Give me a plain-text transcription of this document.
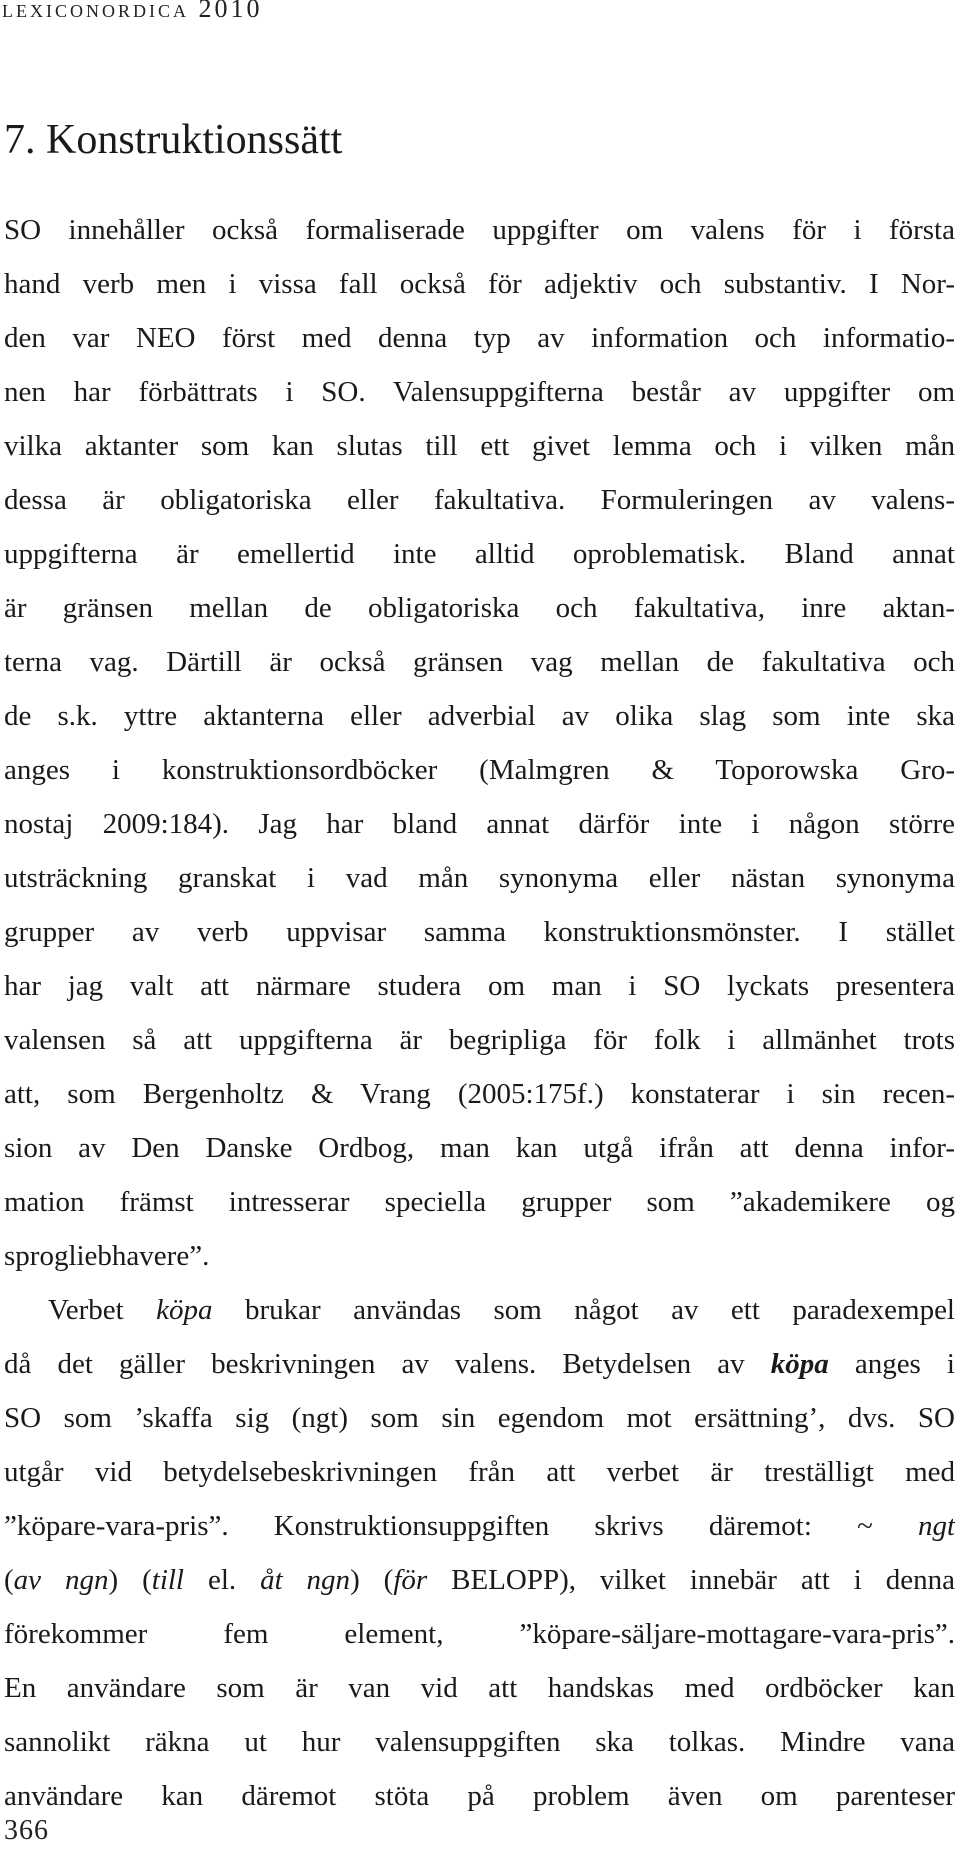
lexiconordica 2010
7. Konstruktionssätt
SO innehåller också formaliserade uppgifter om valens för i första
hand verb men i vissa fall också för adjektiv och substantiv. I Nor-
den var NEO först med denna typ av information och informatio-
nen har förbättrats i SO. Valensuppgifterna består av uppgifter om
vilka aktanter som kan slutas till ett givet lemma och i vilken mån
dessa är obligatoriska eller fakultativa. Formuleringen av valens-
uppgifterna är emellertid inte alltid oproblematisk. Bland annat
är gränsen mellan de obligatoriska och fakultativa, inre aktan-
terna vag. Därtill är också gränsen vag mellan de fakultativa och
de s.k. yttre aktanterna eller adverbial av olika slag som inte ska
anges i konstruktionsordböcker (Malmgren & Toporowska Gro-
nostaj 2009:184). Jag har bland annat därför inte i någon större
utsträckning granskat i vad mån synonyma eller nästan synonyma
grupper av verb uppvisar samma konstruktionsmönster. I stället
har jag valt att närmare studera om man i SO lyckats presentera
valensen så att uppgifterna är begripliga för folk i allmänhet trots
att, som Bergenholtz & Vrang (2005:175f.) konstaterar i sin recen-
sion av Den Danske Ordbog, man kan utgå ifrån att denna infor-
mation främst intresserar speciella grupper som ”akademikere og
sprogliebhavere”.
Verbet köpa brukar användas som något av ett paradexempel
då det gäller beskrivningen av valens. Betydelsen av köpa anges i
SO som ’skaffa sig (ngt) som sin egendom mot ersättning’, dvs. SO
utgår vid betydelsebeskrivningen från att verbet är treställigt med
”köpare-vara-pris”. Konstruktionsuppgiften skrivs däremot: ~ ngt
(av ngn) (till el. åt ngn) (för BELOPP), vilket innebär att i denna
förekommer fem element, ”köpare-säljare-mottagare-vara-pris”.
En användare som är van vid att handskas med ordböcker kan
sannolikt räkna ut hur valensuppgiften ska tolkas. Mindre vana
användare kan däremot stöta på problem även om parenteser
366
